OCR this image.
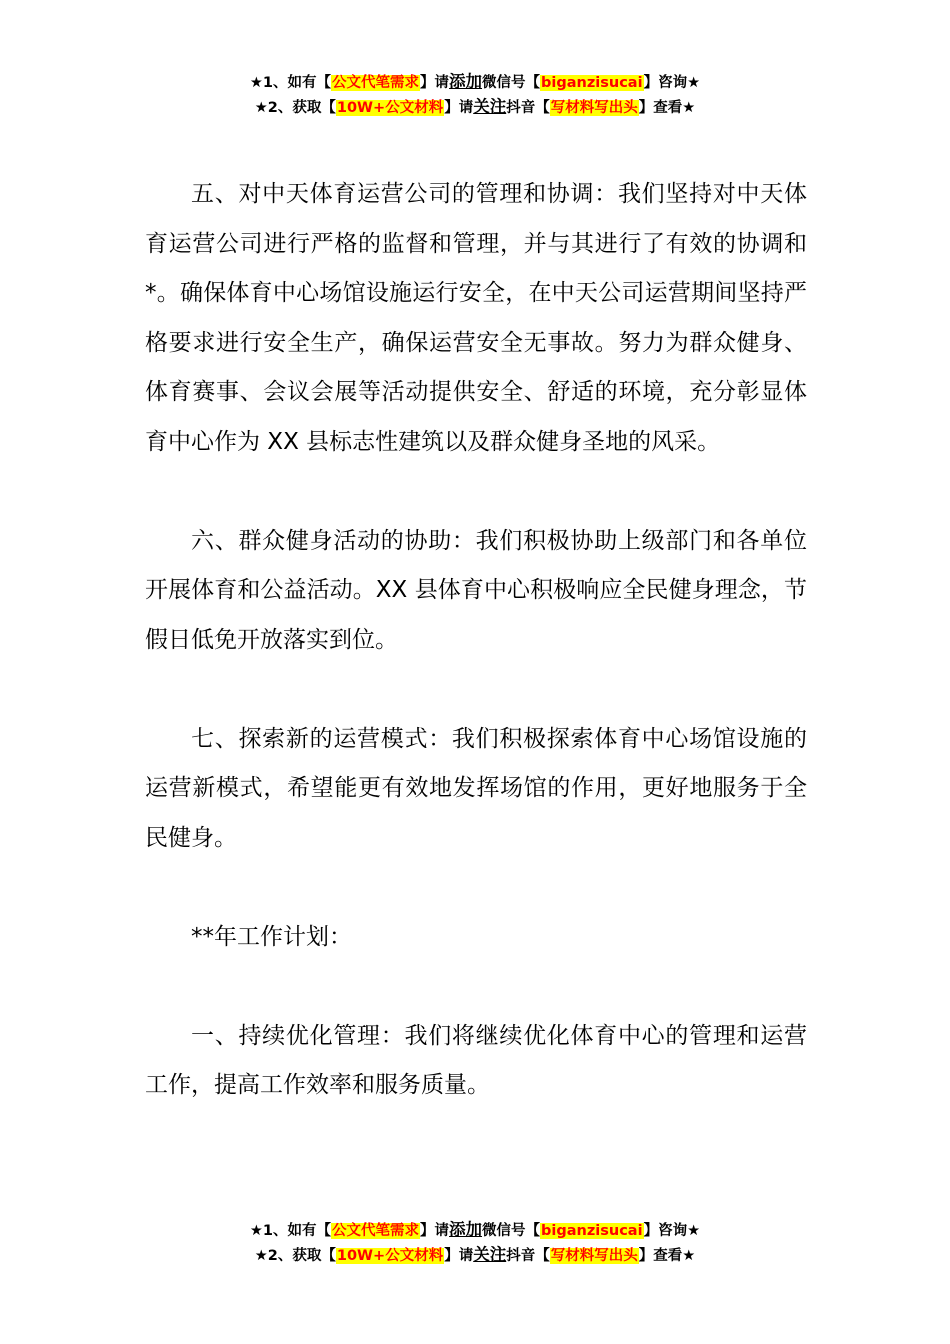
★1、如有【公文代笔需求】请添加微信号【biganzisucai】咨询★
★2、获取【10W+公文材料】请关注抖音【写材料写出头】查看★

五、对中天体育运营公司的管理和协调：我们坚持对中天体育运营公司进行严格的监督和管理，并与其进行了有效的协调和*。确保体育中心场馆设施运行安全，在中天公司运营期间坚持严格要求进行安全生产，确保运营安全无事故。努力为群众健身、体育赛事、会议会展等活动提供安全、舒适的环境，充分彰显体育中心作为 XX 县标志性建筑以及群众健身圣地的风采。

六、群众健身活动的协助：我们积极协助上级部门和各单位开展体育和公益活动。XX 县体育中心积极响应全民健身理念，节假日低免开放落实到位。

七、探索新的运营模式：我们积极探索体育中心场馆设施的运营新模式，希望能更有效地发挥场馆的作用，更好地服务于全民健身。

**年工作计划：

一、持续优化管理：我们将继续优化体育中心的管理和运营工作，提高工作效率和服务质量。

★1、如有【公文代笔需求】请添加微信号【biganzisucai】咨询★
★2、获取【10W+公文材料】请关注抖音【写材料写出头】查看★
